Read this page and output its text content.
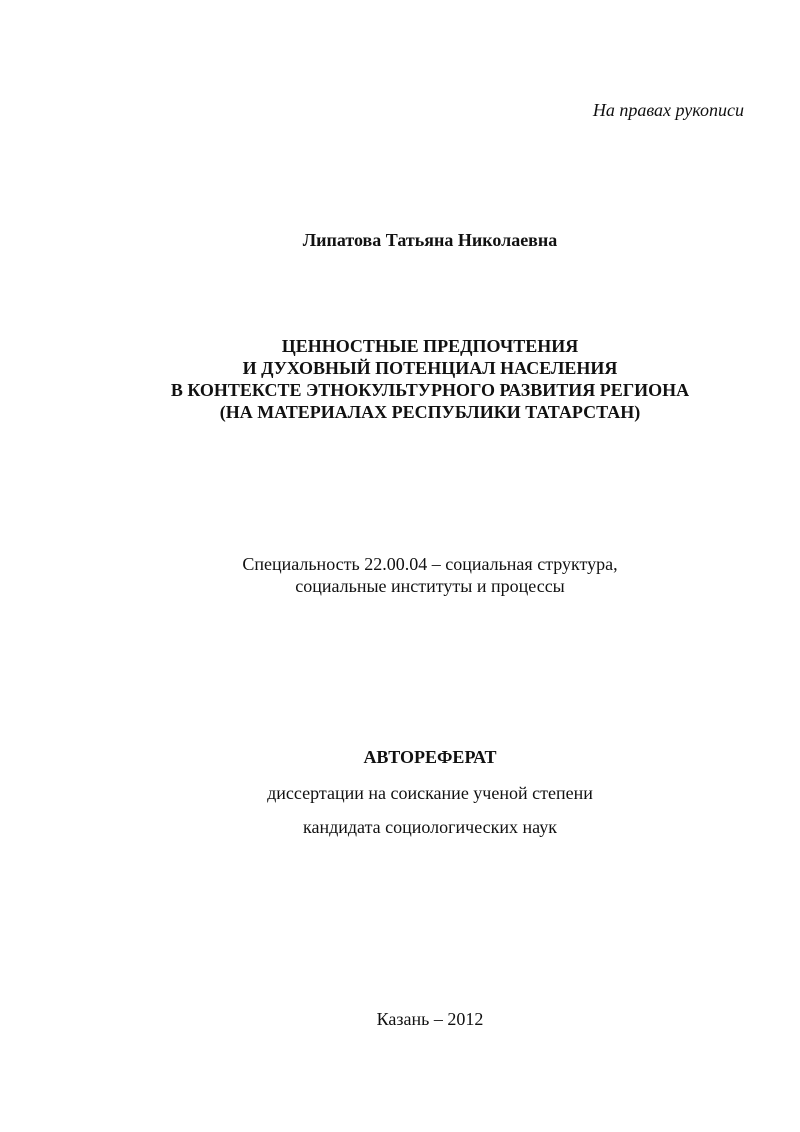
На правах рукописи
Липатова Татьяна Николаевна
ЦЕННОСТНЫЕ ПРЕДПОЧТЕНИЯ
И ДУХОВНЫЙ ПОТЕНЦИАЛ НАСЕЛЕНИЯ
В КОНТЕКСТЕ ЭТНОКУЛЬТУРНОГО РАЗВИТИЯ РЕГИОНА
(НА МАТЕРИАЛАХ РЕСПУБЛИКИ ТАТАРСТАН)
Специальность 22.00.04 – социальная структура,
социальные институты и процессы
АВТОРЕФЕРАТ
диссертации на соискание ученой степени
кандидата социологических наук
Казань – 2012
